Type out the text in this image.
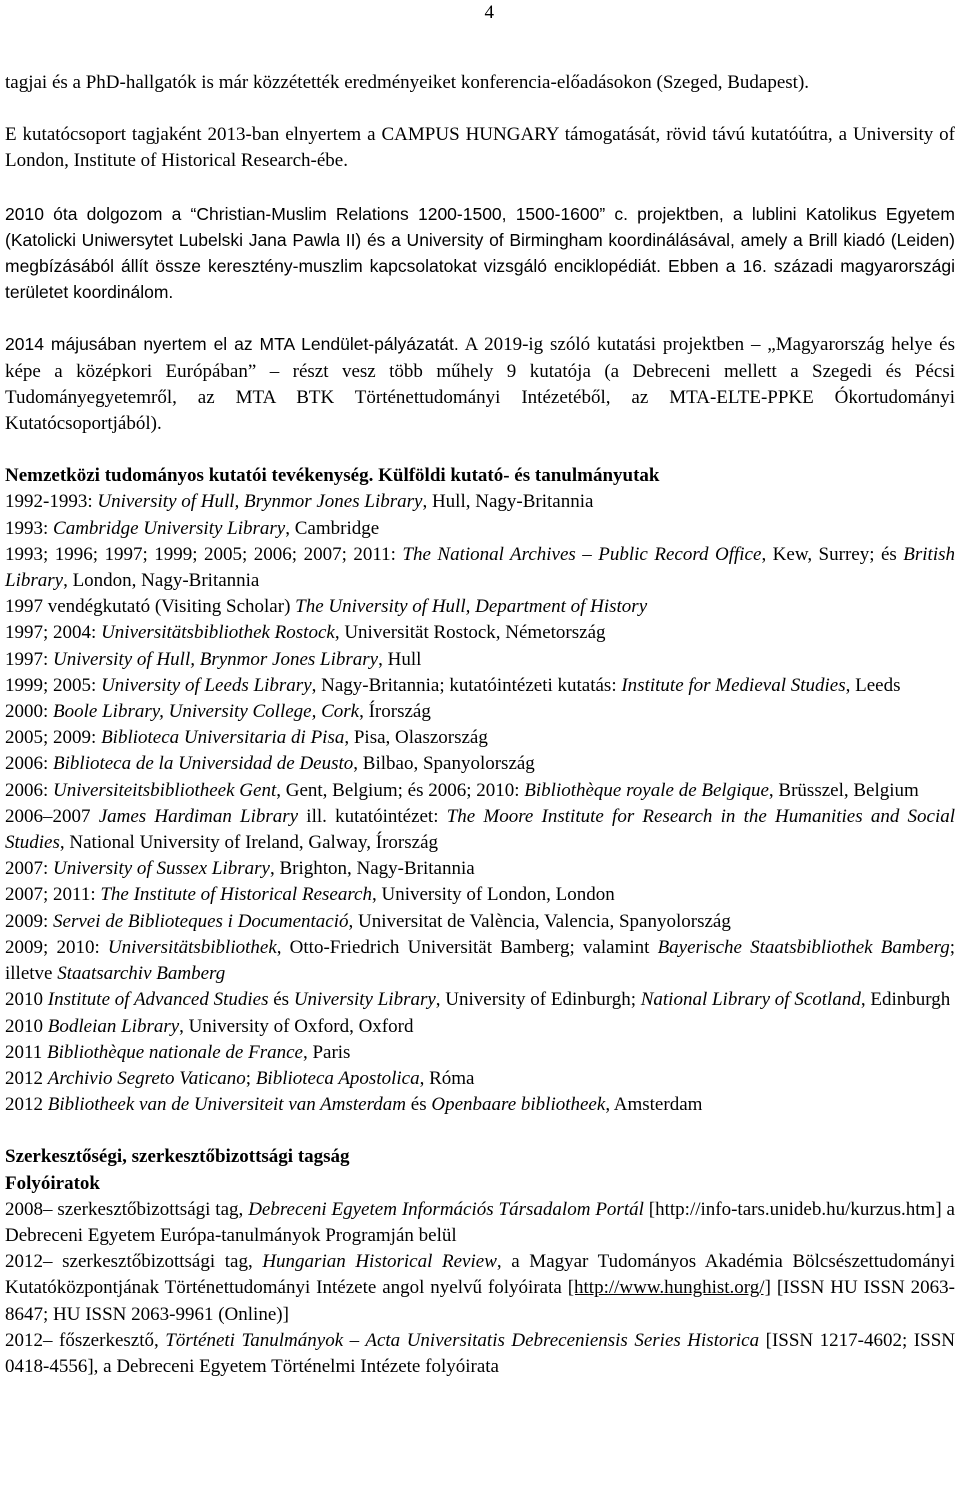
4

tagjai és a PhD-hallgatók is már közzétették eredményeiket konferencia-előadásokon (Szeged, Budapest).

E kutatócsoport tagjaként 2013-ban elnyertem a CAMPUS HUNGARY támogatását, rövid távú kutatóútra, a University of London, Institute of Historical Research-ébe.

2010 óta dolgozom a “Christian-Muslim Relations 1200-1500, 1500-1600” c. projektben, a lublini Katolikus Egyetem (Katolicki Uniwersytet Lubelski Jana Pawla II) és a University of Birmingham koordinálásával, amely a Brill kiadó (Leiden) megbízásából állít össze keresztény-muszlim kapcsolatokat vizsgáló enciklopédiát. Ebben a 16. századi magyarországi területet koordinálom.

2014 májusában nyertem el az MTA Lendület-pályázatát. A 2019-ig szóló kutatási projektben – „Magyarország helye és képe a középkori Európában” – részt vesz több műhely 9 kutatója (a Debreceni mellett a Szegedi és Pécsi Tudományegyetemről, az MTA BTK Történettudományi Intézetéből, az MTA-ELTE-PPKE Ókortudományi Kutatócsoportjából).

Nemzetközi tudományos kutatói tevékenység. Külföldi kutató- és tanulmányutak

1992-1993: University of Hull, Brynmor Jones Library, Hull, Nagy-Britannia

1993: Cambridge University Library, Cambridge

1993; 1996; 1997; 1999; 2005; 2006; 2007; 2011: The National Archives – Public Record Office, Kew, Surrey; és British Library, London, Nagy-Britannia

1997 vendégkutató (Visiting Scholar) The University of Hull, Department of History

1997; 2004: Universitätsbibliothek Rostock, Universität Rostock, Németország

1997: University of Hull, Brynmor Jones Library, Hull

1999; 2005: University of Leeds Library, Nagy-Britannia; kutatóintézeti kutatás: Institute for Medieval Studies, Leeds

2000: Boole Library, University College, Cork, Írország

2005; 2009: Biblioteca Universitaria di Pisa, Pisa, Olaszország

2006: Biblioteca de la Universidad de Deusto, Bilbao, Spanyolország

2006: Universiteitsbibliotheek Gent, Gent, Belgium; és 2006; 2010: Bibliothèque royale de Belgique, Brüsszel, Belgium

2006–2007 James Hardiman Library ill. kutatóintézet: The Moore Institute for Research in the Humanities and Social Studies, National University of Ireland, Galway, Írország

2007: University of Sussex Library, Brighton, Nagy-Britannia

2007; 2011: The Institute of Historical Research, University of London, London

2009: Servei de Biblioteques i Documentació, Universitat de València, Valencia, Spanyolország

2009; 2010: Universitätsbibliothek, Otto-Friedrich Universität Bamberg; valamint Bayerische Staatsbibliothek Bamberg; illetve Staatsarchiv Bamberg

2010 Institute of Advanced Studies és University Library, University of Edinburgh; National Library of Scotland, Edinburgh

2010 Bodleian Library, University of Oxford, Oxford

2011 Bibliothèque nationale de France, Paris

2012 Archivio Segreto Vaticano; Biblioteca Apostolica, Róma

2012 Bibliotheek van de Universiteit van Amsterdam és Openbaare bibliotheek, Amsterdam

Szerkesztőségi, szerkesztőbizottsági tagság

Folyóiratok

2008– szerkesztőbizottsági tag, Debreceni Egyetem Információs Társadalom Portál [http://info-tars.unideb.hu/kurzus.htm] a Debreceni Egyetem Európa-tanulmányok Programján belül

2012– szerkesztőbizottsági tag, Hungarian Historical Review, a Magyar Tudományos Akadémia Bölcsészettudományi Kutatóközpontjának Történettudományi Intézete angol nyelvű folyóirata [http://www.hunghist.org/] [ISSN HU ISSN 2063-8647; HU ISSN 2063-9961 (Online)]

2012– főszerkesztő, Történeti Tanulmányok – Acta Universitatis Debreceniensis Series Historica [ISSN 1217-4602; ISSN 0418-4556], a Debreceni Egyetem Történelmi Intézete folyóirata
